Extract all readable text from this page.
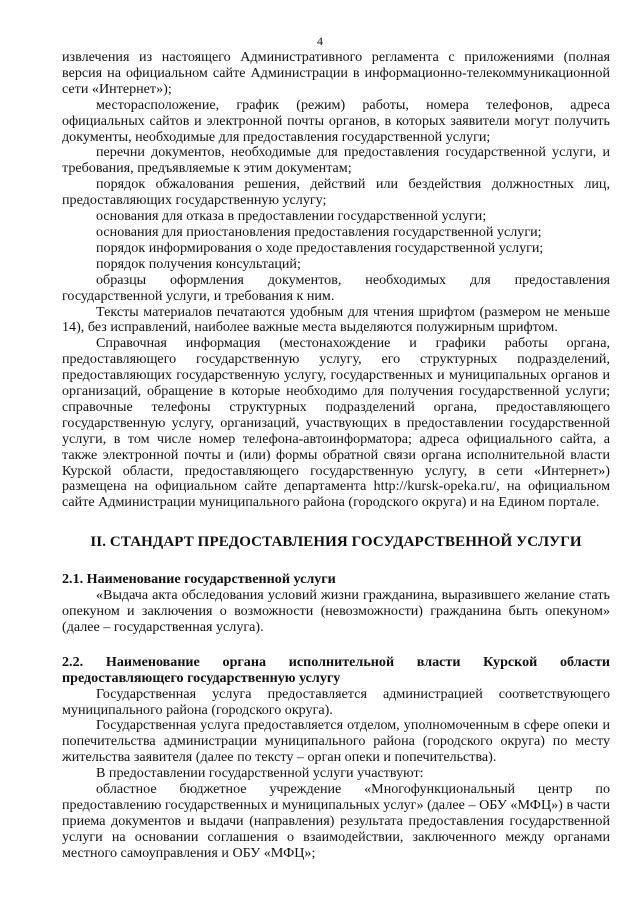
4

извлечения из настоящего Административного регламента с приложениями (полная версия на официальном сайте Администрации в информационно-телекоммуникационной сети «Интернет»);

месторасположение, график (режим) работы, номера телефонов, адреса официальных сайтов и электронной почты органов, в которых заявители могут получить документы, необходимые для предоставления государственной услуги;

перечни документов, необходимые для предоставления государственной услуги, и требования, предъявляемые к этим документам;

порядок обжалования решения, действий или бездействия должностных лиц, предоставляющих государственную услугу;

основания для отказа в предоставлении государственной услуги;

основания для приостановления предоставления государственной услуги;

порядок информирования о ходе предоставления государственной услуги;

порядок получения консультаций;

образцы оформления документов, необходимых для предоставления государственной услуги, и требования к ним.

Тексты материалов печатаются удобным для чтения шрифтом (размером не меньше 14), без исправлений, наиболее важные места выделяются полужирным шрифтом.

Справочная информация (местонахождение и графики работы органа, предоставляющего государственную услугу, его структурных подразделений, предоставляющих государственную услугу, государственных и муниципальных органов и организаций, обращение в которые необходимо для получения государственной услуги; справочные телефоны структурных подразделений органа, предоставляющего государственную услугу, организаций, участвующих в предоставлении государственной услуги, в том числе номер телефона-автоинформатора; адреса официального сайта, а также электронной почты и (или) формы обратной связи органа исполнительной власти Курской области, предоставляющего государственную услугу, в сети «Интернет») размещена на официальном сайте департамента http://kursk-opeka.ru/, на официальном сайте Администрации муниципального района (городского округа) и на Едином портале.

II. СТАНДАРТ ПРЕДОСТАВЛЕНИЯ ГОСУДАРСТВЕННОЙ УСЛУГИ

2.1. Наименование государственной услуги

«Выдача акта обследования условий жизни гражданина, выразившего желание стать опекуном и заключения о возможности (невозможности) гражданина быть опекуном» (далее – государственная услуга).

2.2. Наименование органа исполнительной власти Курской области предоставляющего государственную услугу

Государственная услуга предоставляется администрацией соответствующего муниципального района (городского округа).

Государственная услуга предоставляется отделом, уполномоченным в сфере опеки и попечительства администрации муниципального района (городского округа) по месту жительства заявителя (далее по тексту – орган опеки и попечительства).

В предоставлении государственной услуги участвуют:

областное бюджетное учреждение «Многофункциональный центр по предоставлению государственных и муниципальных услуг» (далее – ОБУ «МФЦ») в части приема документов и выдачи (направления) результата предоставления государственной услуги на основании соглашения о взаимодействии, заключенного между органами местного самоуправления и ОБУ «МФЦ»;
